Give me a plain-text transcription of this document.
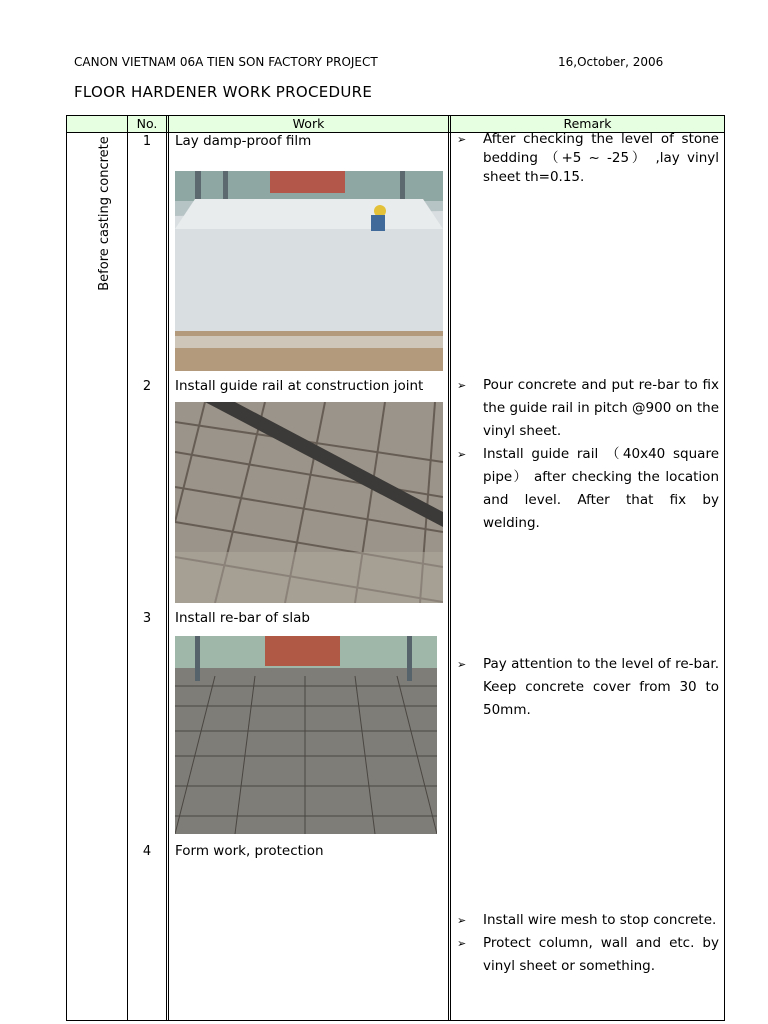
CANON VIETNAM 06A TIEN SON FACTORY PROJECT	16,October, 2006
FLOOR HARDENER WORK PROCEDURE
No.	Work	Remark
Before casting concrete	1	Lay damp-proof film	➢ After checking the level of stone bedding （+5 ~ -25） ,lay vinyl sheet th=0.15.
2	Install guide rail at construction joint	➢ Pour concrete and put re-bar to fix the guide rail in pitch @900 on the vinyl sheet.
➢ Install guide rail （40x40 square pipe） after checking the location and level. After that fix by welding.
3	Install re-bar of slab
➢ Pay attention to the level of re-bar. Keep concrete cover from 30 to 50mm.
4	Form work, protection
➢ Install wire mesh to stop concrete.
➢ Protect column, wall and etc. by vinyl sheet or something.
